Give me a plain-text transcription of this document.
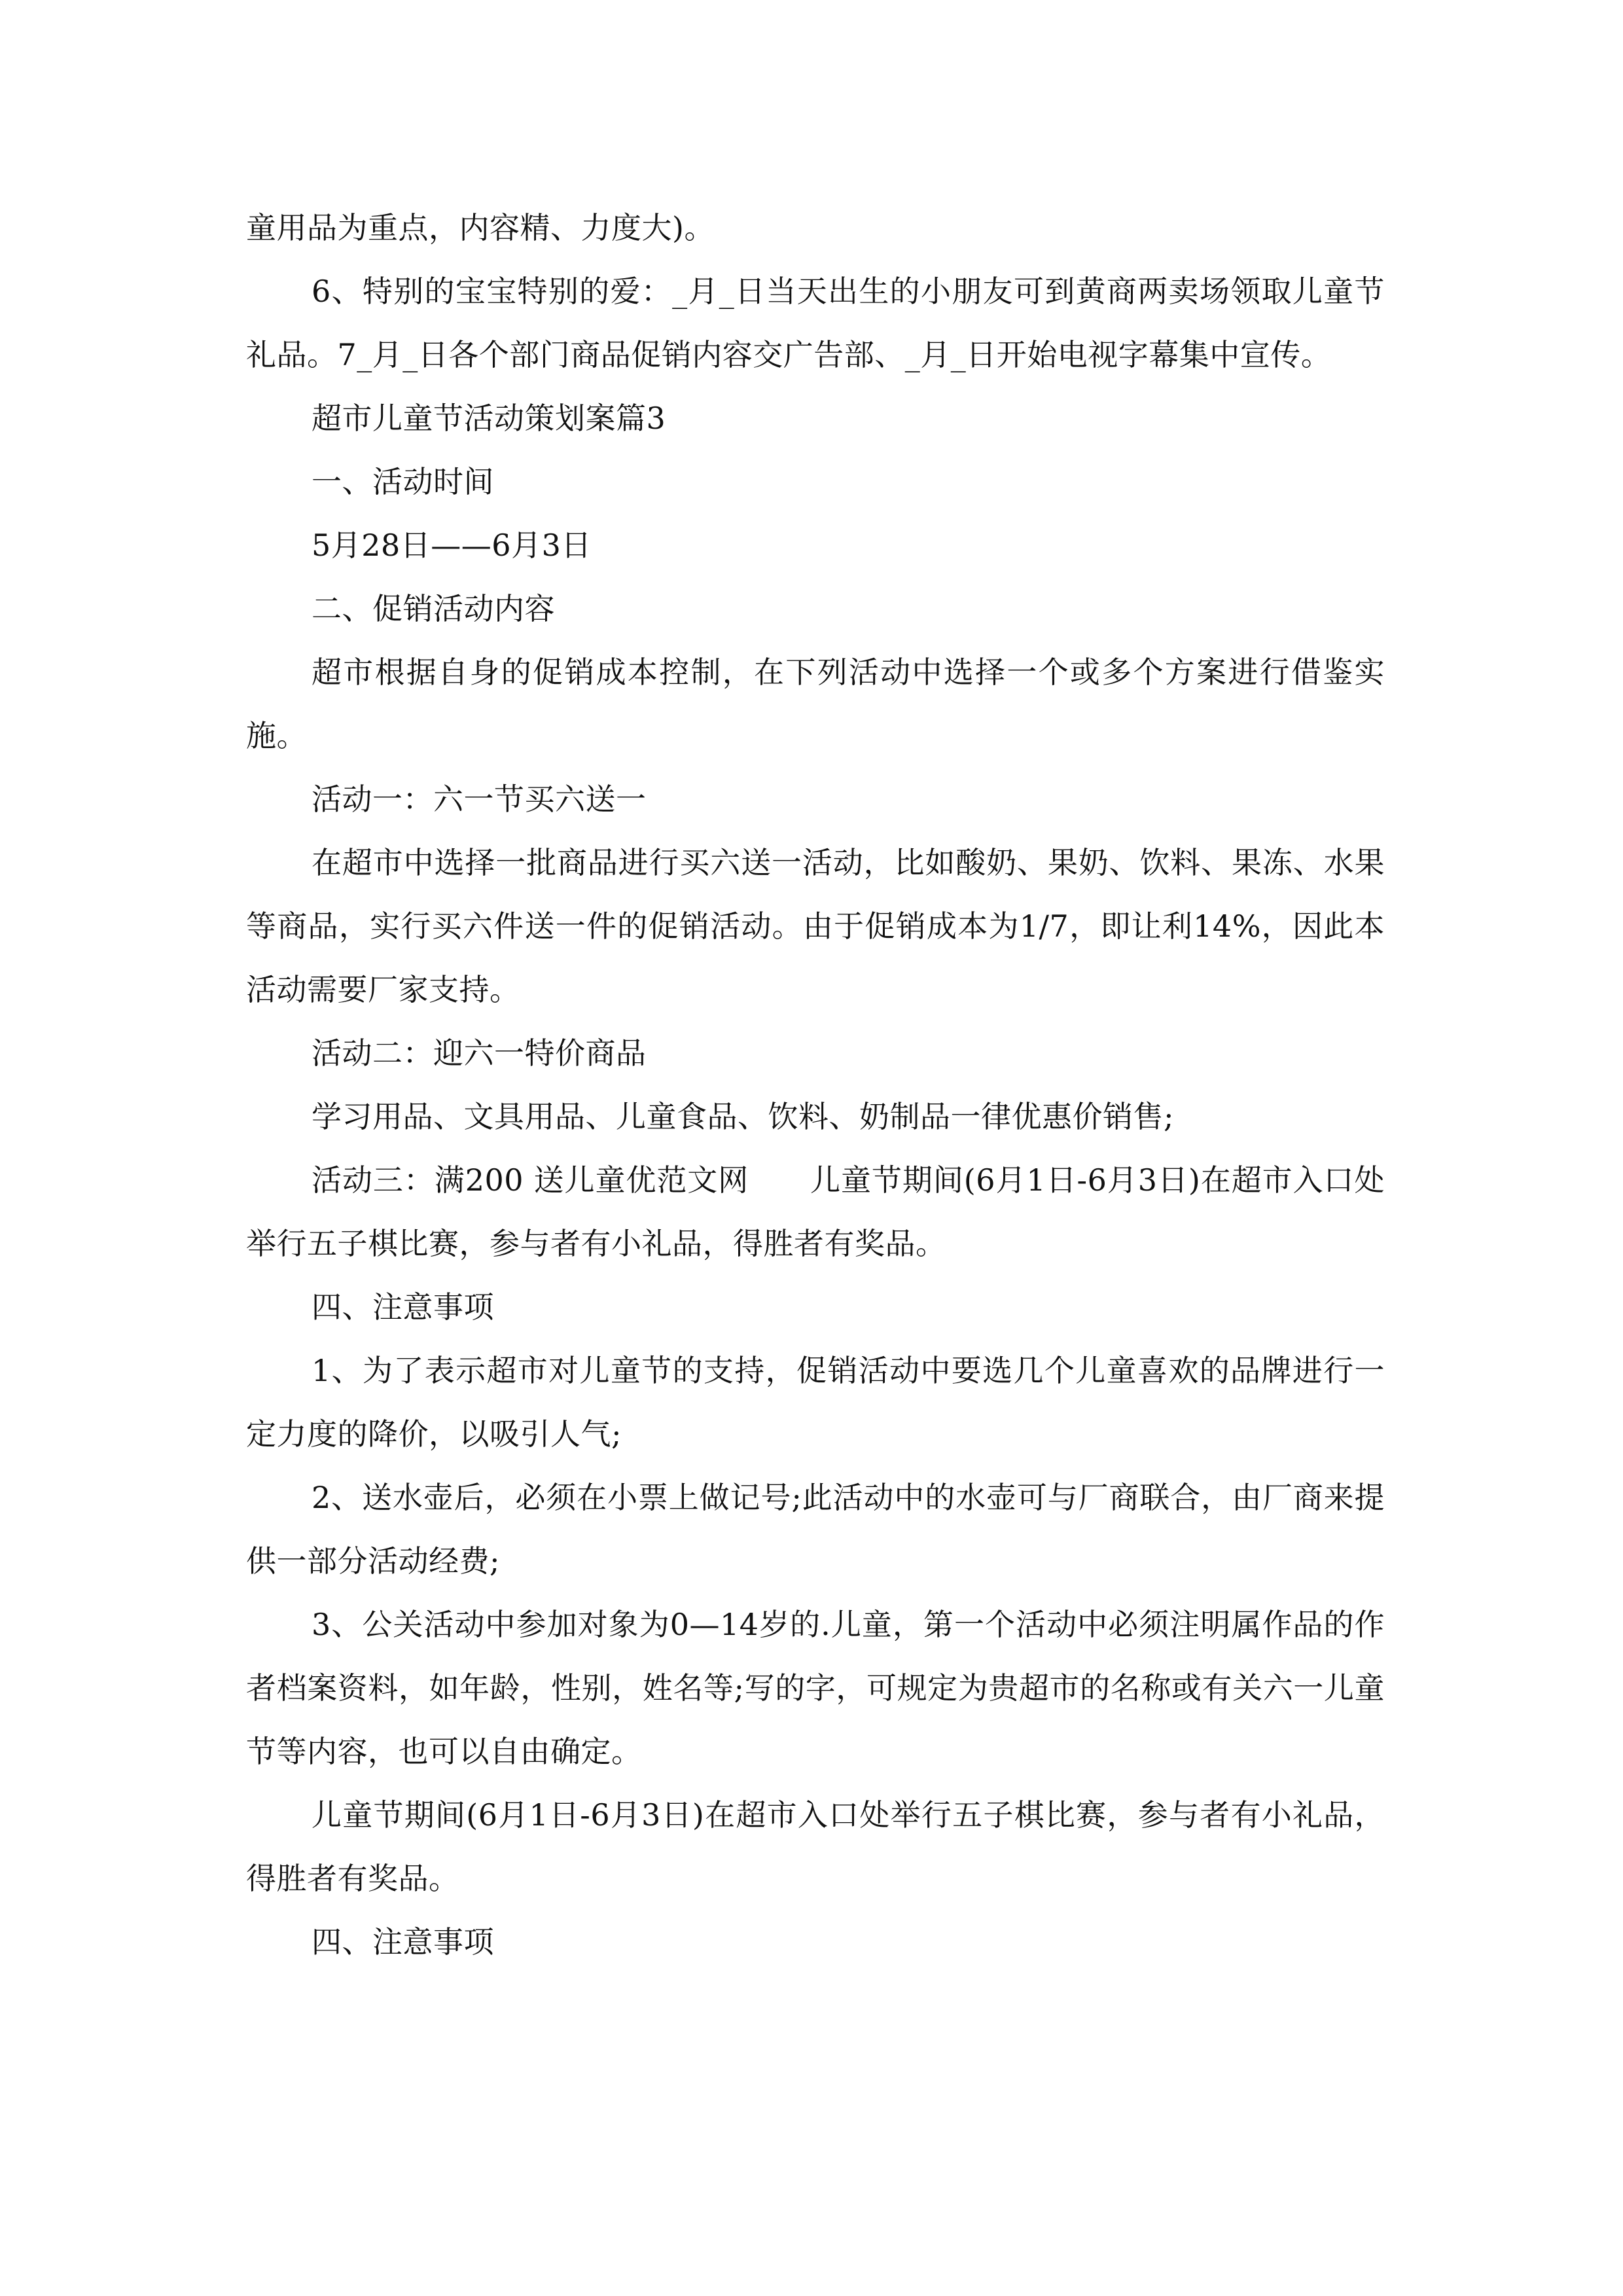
童用品为重点，内容精、力度大)。

6、特别的宝宝特别的爱：_月_日当天出生的小朋友可到黄商两卖场领取儿童节礼品。7_月_日各个部门商品促销内容交广告部、_月_日开始电视字幕集中宣传。

超市儿童节活动策划案篇3

一、活动时间

5月28日——6月3日

二、促销活动内容

超市根据自身的促销成本控制，在下列活动中选择一个或多个方案进行借鉴实施。

活动一：六一节买六送一

在超市中选择一批商品进行买六送一活动，比如酸奶、果奶、饮料、果冻、水果等商品，实行买六件送一件的促销活动。由于促销成本为1/7，即让利14%，因此本活动需要厂家支持。

活动二：迎六一特价商品

学习用品、文具用品、儿童食品、饮料、奶制品一律优惠价销售;

活动三：满200 送儿童优范文网　　儿童节期间(6月1日-6月3日)在超市入口处举行五子棋比赛，参与者有小礼品，得胜者有奖品。

四、注意事项

1、为了表示超市对儿童节的支持，促销活动中要选几个儿童喜欢的品牌进行一定力度的降价，以吸引人气;

2、送水壶后，必须在小票上做记号;此活动中的水壶可与厂商联合，由厂商来提供一部分活动经费;

3、公关活动中参加对象为0—14岁的.儿童，第一个活动中必须注明属作品的作者档案资料，如年龄，性别，姓名等;写的字，可规定为贵超市的名称或有关六一儿童节等内容，也可以自由确定。

儿童节期间(6月1日-6月3日)在超市入口处举行五子棋比赛，参与者有小礼品，得胜者有奖品。

四、注意事项
